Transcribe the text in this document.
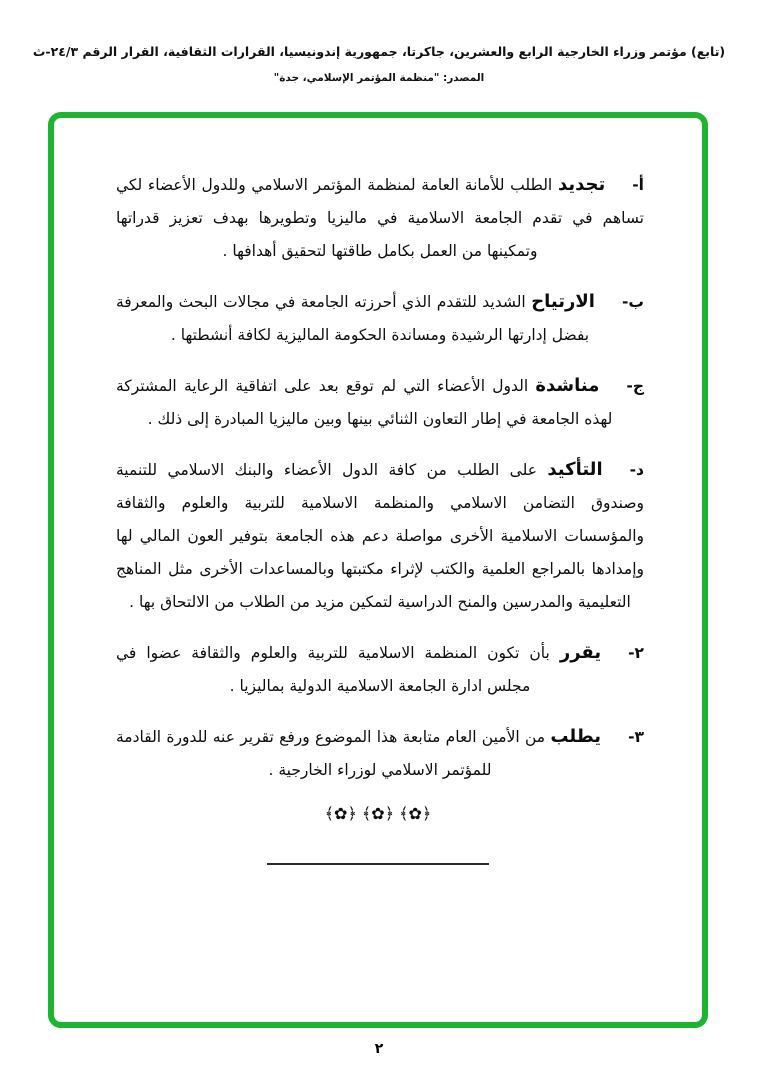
(تابع) مؤتمر وزراء الخارجية الرابع والعشرين، جاكرتا، جمهورية إندونيسيا، القرارات الثقافية، القرار الرقم ٢٤/٣-ث
المصدر: "منظمة المؤتمر الإسلامي، جدة"

أ-تجديد الطلب للأمانة العامة لمنظمة المؤتمر الاسلامي وللدول الأعضاء لكي تساهم في تقدم الجامعة الاسلامية في ماليزيا وتطويرها بهدف تعزيز قدراتها وتمكينها من العمل بكامل طاقتها لتحقيق أهدافها .

ب-الارتياح الشديد للتقدم الذي أحرزته الجامعة في مجالات البحث والمعرفة بفضل إدارتها الرشيدة ومساندة الحكومة الماليزية لكافة أنشطتها .

ج-مناشدة الدول الأعضاء التي لم توقع بعد على اتفاقية الرعاية المشتركة لهذه الجامعة في إطار التعاون الثنائي بينها وبين ماليزيا المبادرة إلى ذلك .

د-التأكيد على الطلب من كافة الدول الأعضاء والبنك الاسلامي للتنمية وصندوق التضامن الاسلامي والمنظمة الاسلامية للتربية والعلوم والثقافة والمؤسسات الاسلامية الأخرى مواصلة دعم هذه الجامعة بتوفير العون المالي لها وإمدادها بالمراجع العلمية والكتب لإثراء مكتبتها وبالمساعدات الأخرى مثل المناهج التعليمية والمدرسين والمنح الدراسية لتمكين مزيد من الطلاب من الالتحاق بها .

٢-يقرر بأن تكون المنظمة الاسلامية للتربية والعلوم والثقافة عضوا في مجلس ادارة الجامعة الاسلامية الدولية بماليزيا .

٣-يطلب من الأمين العام متابعة هذا الموضوع ورفع تقرير عنه للدورة القادمة للمؤتمر الاسلامي لوزراء الخارجية .

﴾✿﴿ ﴾✿﴿ ﴾✿﴿
٢
